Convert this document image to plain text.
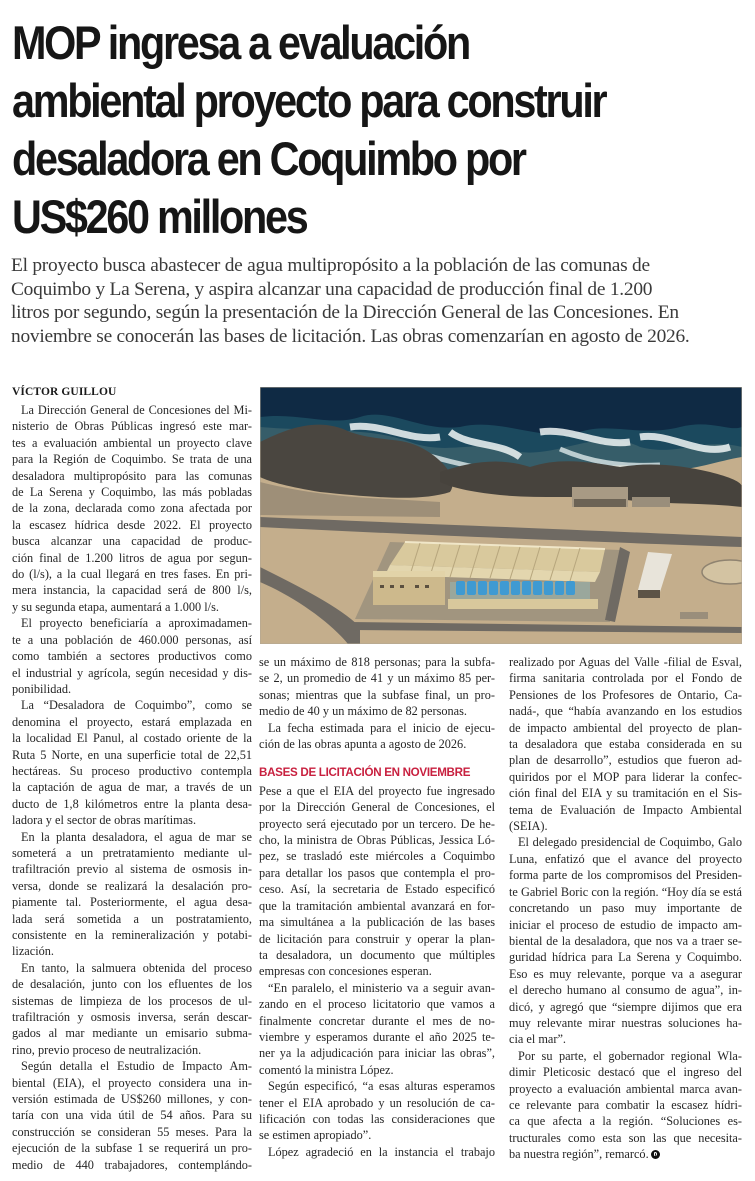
MOP ingresa a evaluación
ambiental proyecto para construir
desaladora en Coquimbo por
US$260 millones

El proyecto busca abastecer de agua multipropósito a la población de las comunas de
Coquimbo y La Serena, y aspira alcanzar una capacidad de producción final de 1.200
litros por segundo, según la presentación de la Dirección General de las Concesiones. En
noviembre se conocerán las bases de licitación. Las obras comenzarían en agosto de 2026.

VÍCTOR GUILLOU
La Dirección General de Concesiones del Mi-
nisterio de Obras Públicas ingresó este mar-
tes a evaluación ambiental un proyecto clave
para la Región de Coquimbo. Se trata de una
desaladora multipropósito para las comunas
de La Serena y Coquimbo, las más pobladas
de la zona, declarada como zona afectada por
la escasez hídrica desde 2022. El proyecto
busca alcanzar una capacidad de produc-
ción final de 1.200 litros de agua por segun-
do (l/s), a la cual llegará en tres fases. En pri-
mera instancia, la capacidad será de 800 l/s,
y su segunda etapa, aumentará a 1.000 l/s.
El proyecto beneficiaría a aproximadamen-
te a una población de 460.000 personas, así
como también a sectores productivos como
el industrial y agrícola, según necesidad y dis-
ponibilidad.
La “Desaladora de Coquimbo”, como se
denomina el proyecto, estará emplazada en
la localidad El Panul, al costado oriente de la
Ruta 5 Norte, en una superficie total de 22,51
hectáreas. Su proceso productivo contempla
la captación de agua de mar, a través de un
ducto de 1,8 kilómetros entre la planta desa-
ladora y el sector de obras marítimas.
En la planta desaladora, el agua de mar se
someterá a un pretratamiento mediante ul-
trafiltración previo al sistema de osmosis in-
versa, donde se realizará la desalación pro-
piamente tal. Posteriormente, el agua desa-
lada será sometida a un postratamiento,
consistente en la remineralización y potabi-
lización.
En tanto, la salmuera obtenida del proceso
de desalación, junto con los efluentes de los
sistemas de limpieza de los procesos de ul-
trafiltración y osmosis inversa, serán descar-
gados al mar mediante un emisario subma-
rino, previo proceso de neutralización.
Según detalla el Estudio de Impacto Am-
biental (EIA), el proyecto considera una in-
versión estimada de US$260 millones, y con-
taría con una vida útil de 54 años. Para su
construcción se consideran 55 meses. Para la
ejecución de la subfase 1 se requerirá un pro-
medio de 440 trabajadores, contemplándo-
se un máximo de 818 personas; para la subfa-
se 2, un promedio de 41 y un máximo 85 per-
sonas; mientras que la subfase final, un pro-
medio de 40 y un máximo de 82 personas.
La fecha estimada para el inicio de ejecu-
ción de las obras apunta a agosto de 2026.
BASES DE LICITACIÓN EN NOVIEMBRE
Pese a que el EIA del proyecto fue ingresado
por la Dirección General de Concesiones, el
proyecto será ejecutado por un tercero. De he-
cho, la ministra de Obras Públicas, Jessica Ló-
pez, se trasladó este miércoles a Coquimbo
para detallar los pasos que contempla el pro-
ceso. Así, la secretaria de Estado especificó
que la tramitación ambiental avanzará en for-
ma simultánea a la publicación de las bases
de licitación para construir y operar la plan-
ta desaladora, un documento que múltiples
empresas con concesiones esperan.
“En paralelo, el ministerio va a seguir avan-
zando en el proceso licitatorio que vamos a
finalmente concretar durante el mes de no-
viembre y esperamos durante el año 2025 te-
ner ya la adjudicación para iniciar las obras”,
comentó la ministra López.
Según especificó, “a esas alturas esperamos
tener el EIA aprobado y un resolución de ca-
lificación con todas las consideraciones que
se estimen apropiado”.
López agradeció en la instancia el trabajo
realizado por Aguas del Valle -filial de Esval,
firma sanitaria controlada por el Fondo de
Pensiones de los Profesores de Ontario, Ca-
nadá-, que “había avanzando en los estudios
de impacto ambiental del proyecto de plan-
ta desaladora que estaba considerada en su
plan de desarrollo”, estudios que fueron ad-
quiridos por el MOP para liderar la confec-
ción final del EIA y su tramitación en el Sis-
tema de Evaluación de Impacto Ambiental
(SEIA).
El delegado presidencial de Coquimbo, Galo
Luna, enfatizó que el avance del proyecto
forma parte de los compromisos del Presiden-
te Gabriel Boric con la región. “Hoy día se está
concretando un paso muy importante de
iniciar el proceso de estudio de impacto am-
biental de la desaladora, que nos va a traer se-
guridad hídrica para La Serena y Coquimbo.
Eso es muy relevante, porque va a asegurar
el derecho humano al consumo de agua”, in-
dicó, y agregó que “siempre dijimos que era
muy relevante mirar nuestras soluciones ha-
cia el mar”.
Por su parte, el gobernador regional Wla-
dimir Pleticosic destacó que el ingreso del
proyecto a evaluación ambiental marca avan-
ce relevante para combatir la escasez hídri-
ca que afecta a la región. “Soluciones es-
tructurales como esta son las que necesita-
ba nuestra región”, remarcó.
